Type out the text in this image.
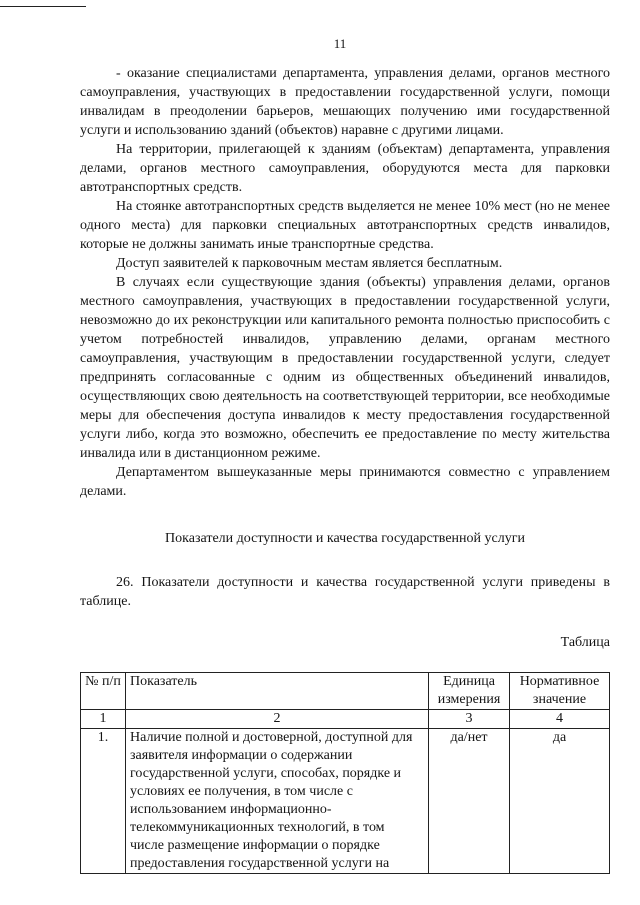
11

- оказание специалистами департамента, управления делами, органов местного самоуправления, участвующих в предоставлении государственной услуги, помощи инвалидам в преодолении барьеров, мешающих получению ими государственной услуги и использованию зданий (объектов) наравне с другими лицами.

На территории, прилегающей к зданиям (объектам) департамента, управления делами, органов местного самоуправления, оборудуются места для парковки автотранспортных средств.

На стоянке автотранспортных средств выделяется не менее 10% мест (но не менее одного места) для парковки специальных автотранспортных средств инвалидов, которые не должны занимать иные транспортные средства.

Доступ заявителей к парковочным местам является бесплатным.

В случаях если существующие здания (объекты) управления делами, органов местного самоуправления, участвующих в предоставлении государственной услуги, невозможно до их реконструкции или капитального ремонта полностью приспособить с учетом потребностей инвалидов, управлению делами, органам местного самоуправления, участвующим в предоставлении государственной услуги, следует предпринять согласованные с одним из общественных объединений инвалидов, осуществляющих свою деятельность на соответствующей территории, все необходимые меры для обеспечения доступа инвалидов к месту предоставления государственной услуги либо, когда это возможно, обеспечить ее предоставление по месту жительства инвалида или в дистанционном режиме.

Департаментом вышеуказанные меры принимаются совместно с управлением делами.

Показатели доступности и качества государственной услуги

26. Показатели доступности и качества государственной услуги приведены в таблице.

Таблица

№ п/п	Показатель	Единица измерения	Нормативное значение
1	2	3	4
1.	Наличие полной и достоверной, доступной для заявителя информации о содержании государственной услуги, способах, порядке и условиях ее получения, в том числе с использованием информационно-телекоммуникационных технологий, в том числе размещение информации о порядке предоставления государственной услуги на	да/нет	да
